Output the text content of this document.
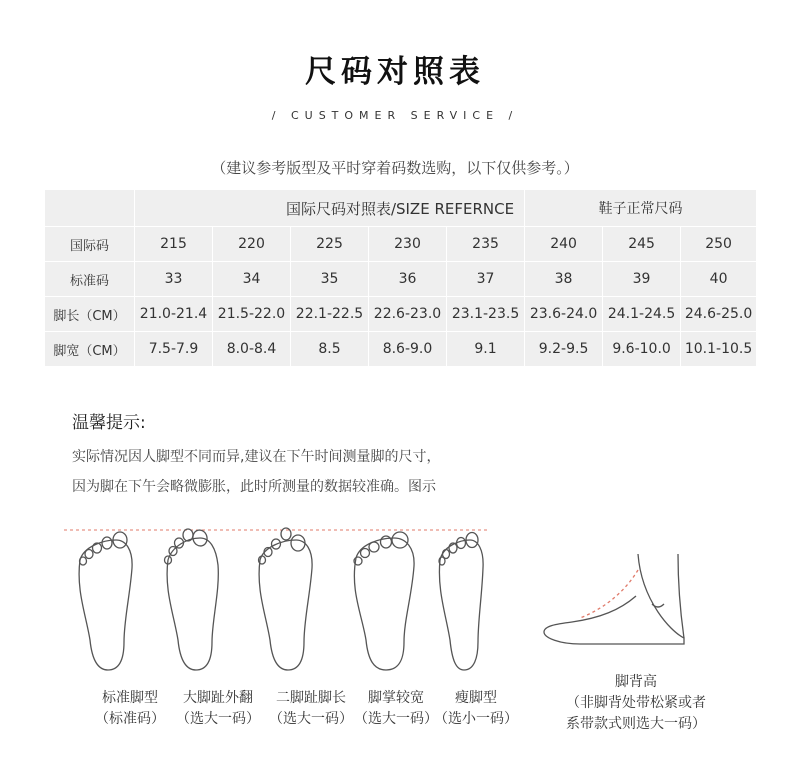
尺码对照表
/ CUSTOMER SERVICE /
（建议参考版型及平时穿着码数选购，以下仅供参考。）
	国际尺码对照表/SIZE REFERNCE					鞋子正常尺码		
国际码	215	220	225	230	235	240	245	250
标准码	33	34	35	36	37	38	39	40
脚长（CM）	21.0-21.4	21.5-22.0	22.1-22.5	22.6-23.0	23.1-23.5	23.6-24.0	24.1-24.5	24.6-25.0
脚宽（CM）	7.5-7.9	8.0-8.4	8.5	8.6-9.0	9.1	9.2-9.5	9.6-10.0	10.1-10.5
温馨提示:
实际情况因人脚型不同而异,建议在下午时间测量脚的尺寸，
因为脚在下午会略微膨胀，此时所测量的数据较准确。图示
标准脚型
（标准码）
大脚趾外翻
（选大一码）
二脚趾脚长
（选大一码）
脚掌较宽
（选大一码）
瘦脚型
（选小一码）
脚背高
（非脚背处带松紧或者
系带款式则选大一码）
